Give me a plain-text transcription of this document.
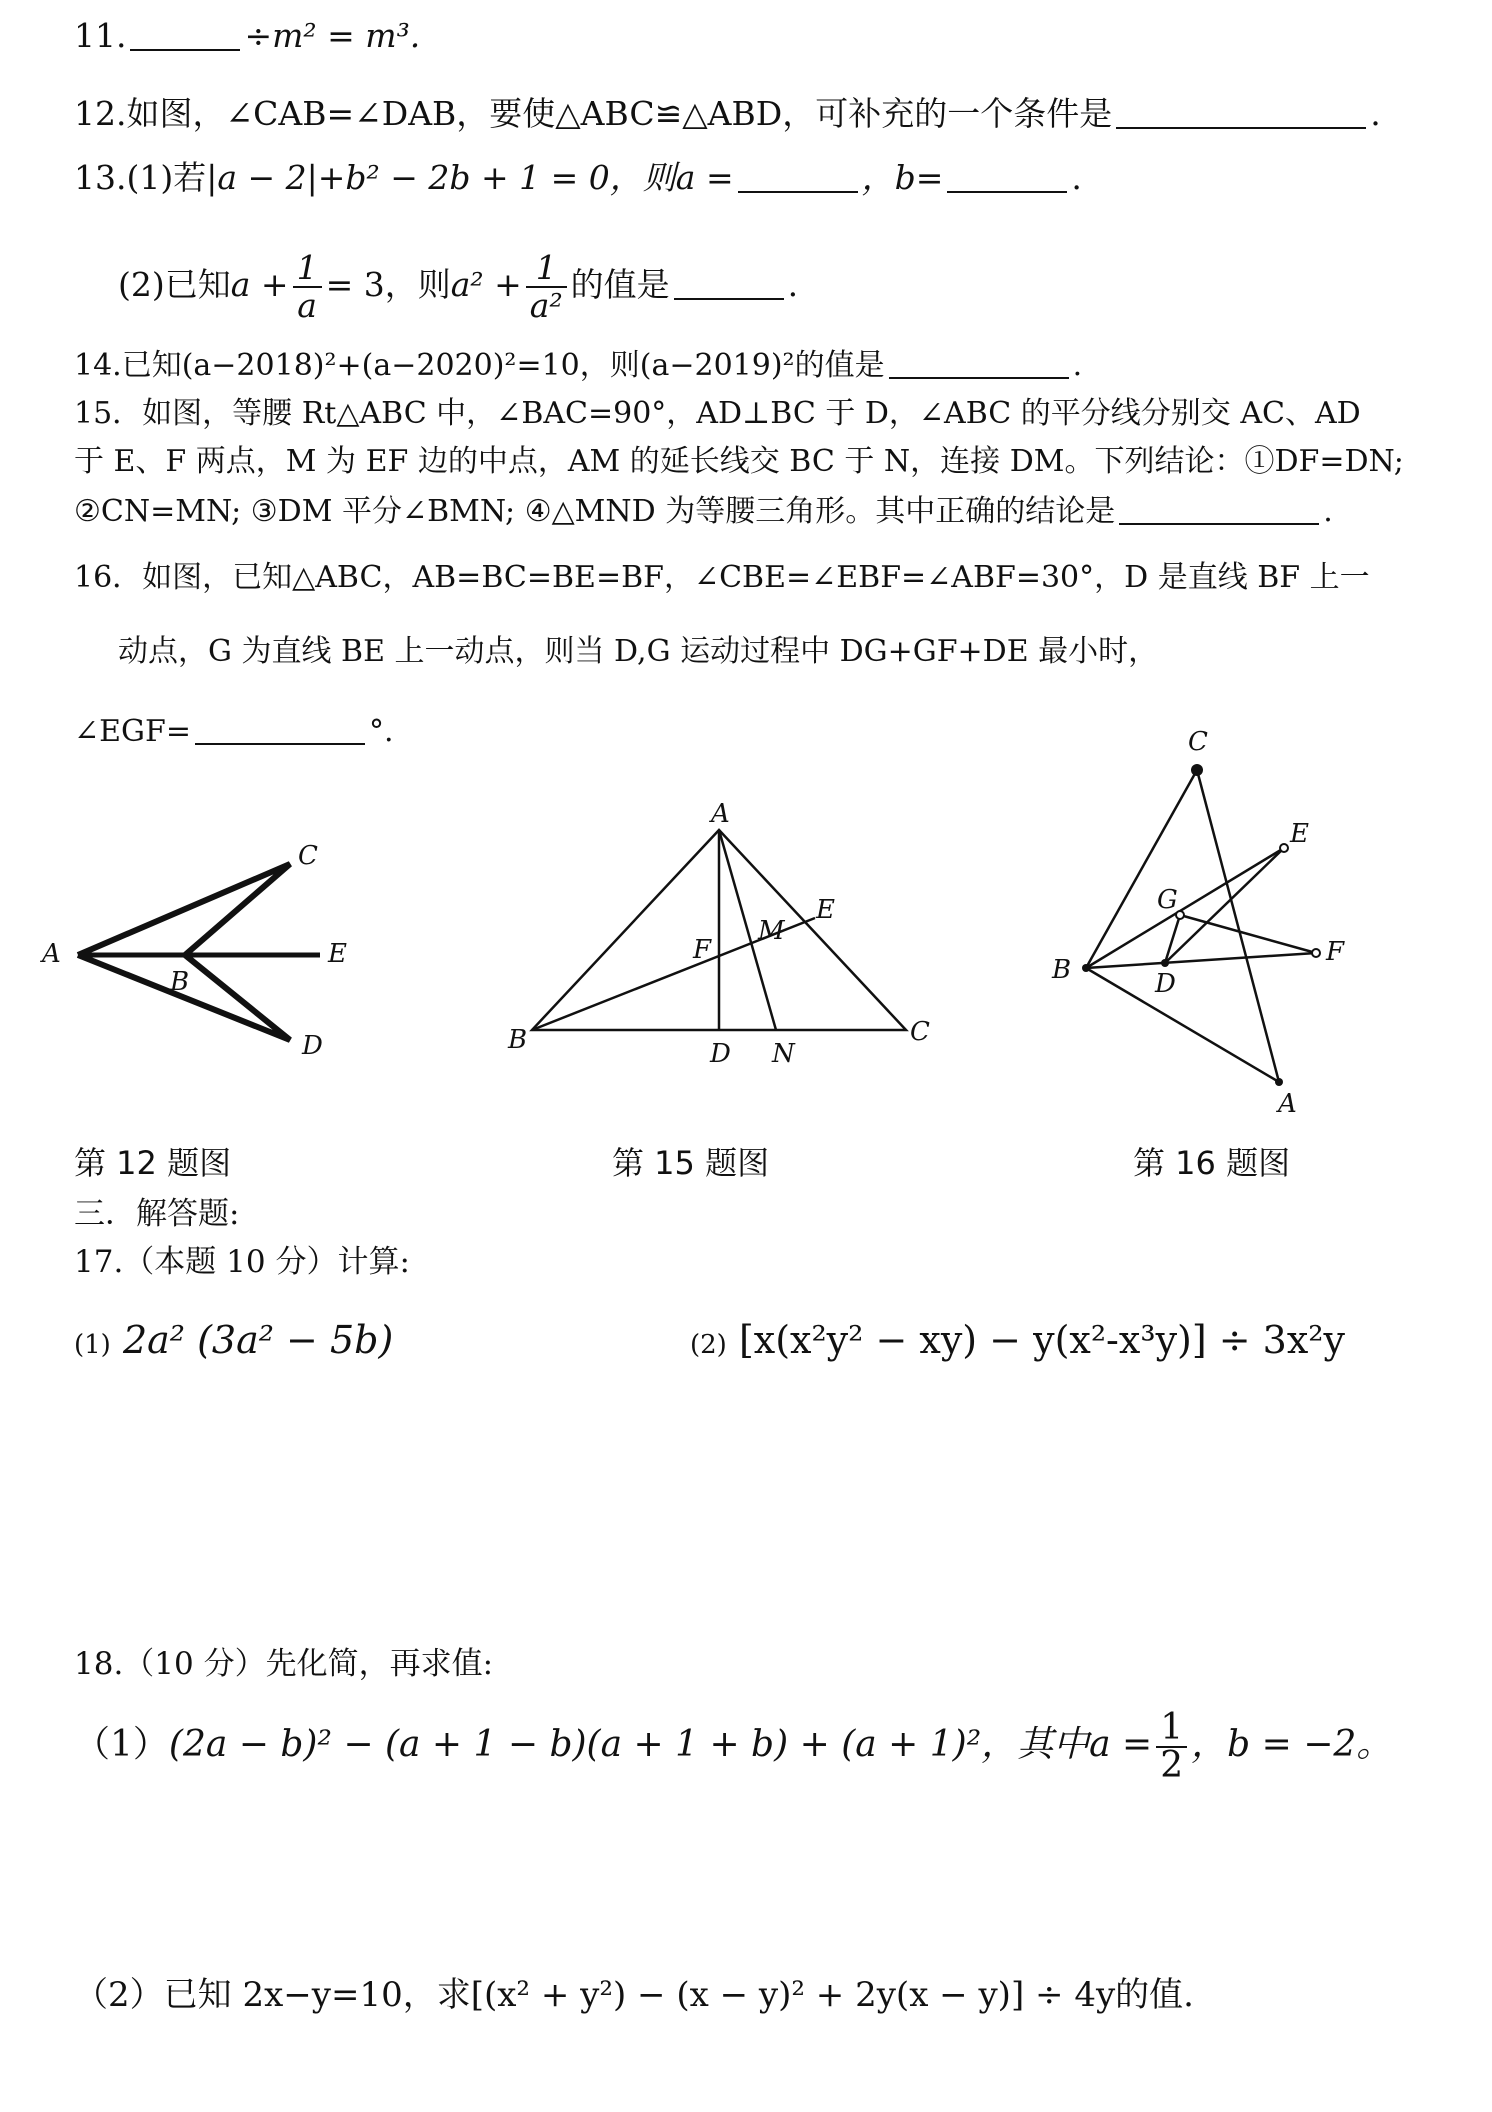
11.	÷m² = m³.
12.如图，∠CAB=∠DAB，要使△ABC≌△ABD，可补充的一个条件是	.
13.(1)若|a − 2|+b² − 2b + 1 = 0，则a =	，b=	.
(2)已知$a + \frac{1}{a} = 3$，则$a^2 + \frac{1}{\text{a²}}$ 的值是	.
14.已知(a−2018)²+(a−2020)²=10，则(a−2019)²的值是	.
15．如图，等腰 Rt△ABC 中，∠BAC=90°，AD⊥BC 于 D，∠ABC 的平分线分别交 AC、AD
于 E、F 两点，M 为 EF 边的中点，AM 的延长线交 BC 于 N，连接 DM。下列结论：①DF=DN;
②CN=MN; ③DM 平分∠BMN; ④△MND 为等腰三角形。其中正确的结论是	.
16．如图，已知△ABC，AB=BC=BE=BF，∠CBE=∠EBF=∠ABF=30°，D 是直线 BF 上一
动点，G 为直线 BE 上一动点，则当 D,G 运动过程中 DG+GF+DE 最小时，
∠EGF=	°.
A
B
C
D
E
A
B	C
D
E
F
M
N
C
B
A
D
E
F
G
第 12 题图	第 15 题图	第 16 题图
三．解答题:
17.（本题 10 分）计算:
(1) 2a² (3a² − 5b)	(2) [x(x²y² − xy) − y(x²-x³y)] ÷ 3x²y
18.（10 分）先化简，再求值:
（1）(2a − b)² − (a + 1 − b)(a + 1 + b) + (a + 1)²，其中$a = \frac{1}{2}$ ，b = −2。
（2）已知 2x−y=10，求[(x² + y²) − (x − y)² + 2y(x − y)] ÷ 4y的值.
